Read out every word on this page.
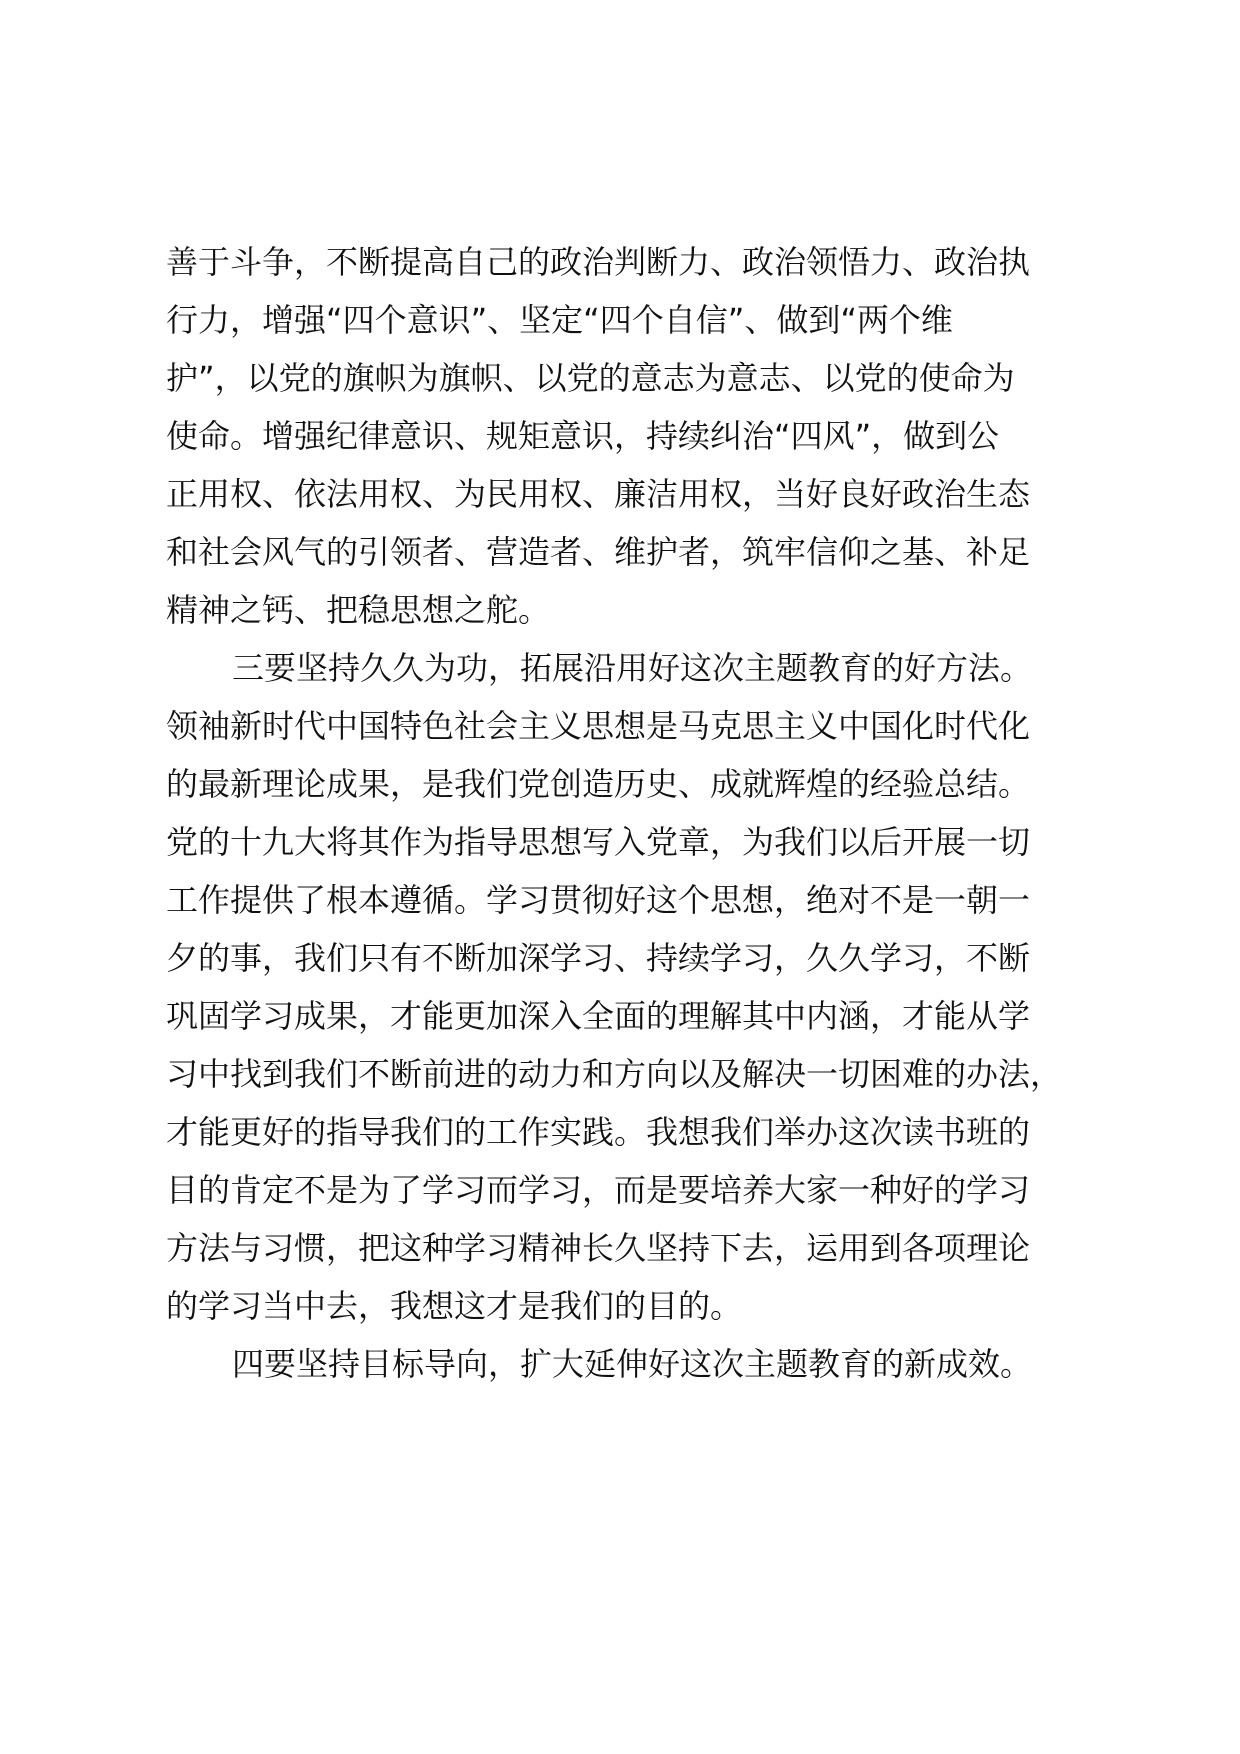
善于斗争，不断提高自己的政治判断力、政治领悟力、政治执
行力，增强“四个意识”、坚定“四个自信”、做到“两个维
护”，以党的旗帜为旗帜、以党的意志为意志、以党的使命为
使命。增强纪律意识、规矩意识，持续纠治“四风”，做到公
正用权、依法用权、为民用权、廉洁用权，当好良好政治生态
和社会风气的引领者、营造者、维护者，筑牢信仰之基、补足
精神之钙、把稳思想之舵。
三要坚持久久为功，拓展沿用好这次主题教育的好方法。
领袖新时代中国特色社会主义思想是马克思主义中国化时代化
的最新理论成果，是我们党创造历史、成就辉煌的经验总结。
党的十九大将其作为指导思想写入党章，为我们以后开展一切
工作提供了根本遵循。学习贯彻好这个思想，绝对不是一朝一
夕的事，我们只有不断加深学习、持续学习，久久学习，不断
巩固学习成果，才能更加深入全面的理解其中内涵，才能从学
习中找到我们不断前进的动力和方向以及解决一切困难的办法，
才能更好的指导我们的工作实践。我想我们举办这次读书班的
目的肯定不是为了学习而学习，而是要培养大家一种好的学习
方法与习惯，把这种学习精神长久坚持下去，运用到各项理论
的学习当中去，我想这才是我们的目的。
四要坚持目标导向，扩大延伸好这次主题教育的新成效。
